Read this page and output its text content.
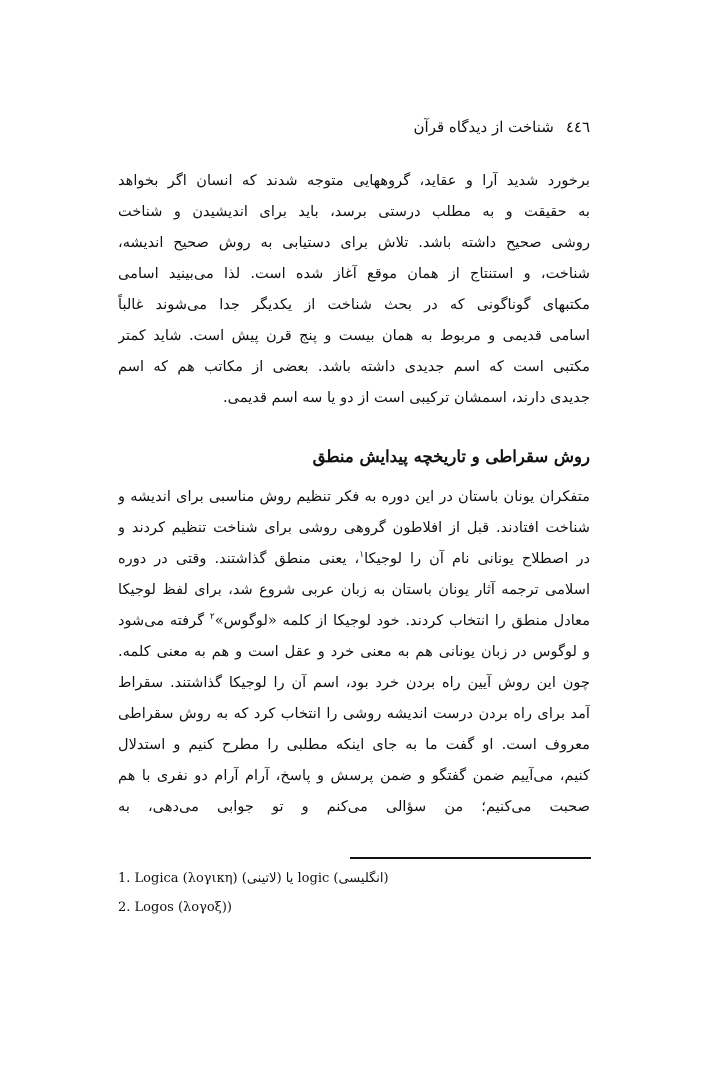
٤٤٦شناخت از دیدگاه قرآن
برخورد شدید آرا و عقاید، گروههایی متوجه شدند که انسان اگر بخواهد
به حقیقت و به مطلب درستی برسد، باید برای اندیشیدن و شناخت
روشی صحیح داشته باشد. تلاش برای دستیابی به روش صحیح اندیشه،
شناخت، و استنتاج از همان موقع آغاز شده است. لذا می‌بینید اسامی
مکتبهای گوناگونی که در بحث شناخت از یکدیگر جدا می‌شوند غالباً
اسامی قدیمی و مربوط به همان بیست و پنج قرن پیش است. شاید کمتر
مکتبی است که اسم جدیدی داشته باشد. بعضی از مکاتب هم که اسم
جدیدی دارند، اسمشان ترکیبی است از دو یا سه اسم قدیمی.
روش سقراطی و تاریخچه پیدایش منطق
متفکران یونان باستان در این دوره به فکر تنظیم روش مناسبی برای اندیشه و
شناخت افتادند. قبل از افلاطون گروهی روشی برای شناخت تنظیم کردند و
در اصطلاح یونانی نام آن را لوجیکا$^۱$، یعنی منطق گذاشتند. وقتی در دوره
اسلامی ترجمه آثار یونان باستان به زبان عربی شروع شد، برای لفظ لوجیکا
معادل منطق را انتخاب کردند. خود لوجیکا از کلمه «لوگوس»$^۲$ گرفته می‌شود
و لوگوس در زبان یونانی هم به معنی خرد و عقل است و هم به معنی کلمه.
چون این روش آیین راه بردن خرد بود، اسم آن را لوجیکا گذاشتند. سقراط
آمد برای راه بردن درست اندیشه روشی را انتخاب کرد که به روش سقراطی
معروف است. او گفت ما به جای اینکه مطلبی را مطرح کنیم و استدلال
کنیم، می‌آییم ضمن گفتگو و ضمن پرسش و پاسخ، آرام آرام دو نفری با هم
صحبت می‌کنیم؛ من سؤالی می‌کنم و تو جوابی می‌دهی، به
1. Logica (λογικη) (لاتینی) یا logic (انگلیسی)
2. Logos (λογοξ))
